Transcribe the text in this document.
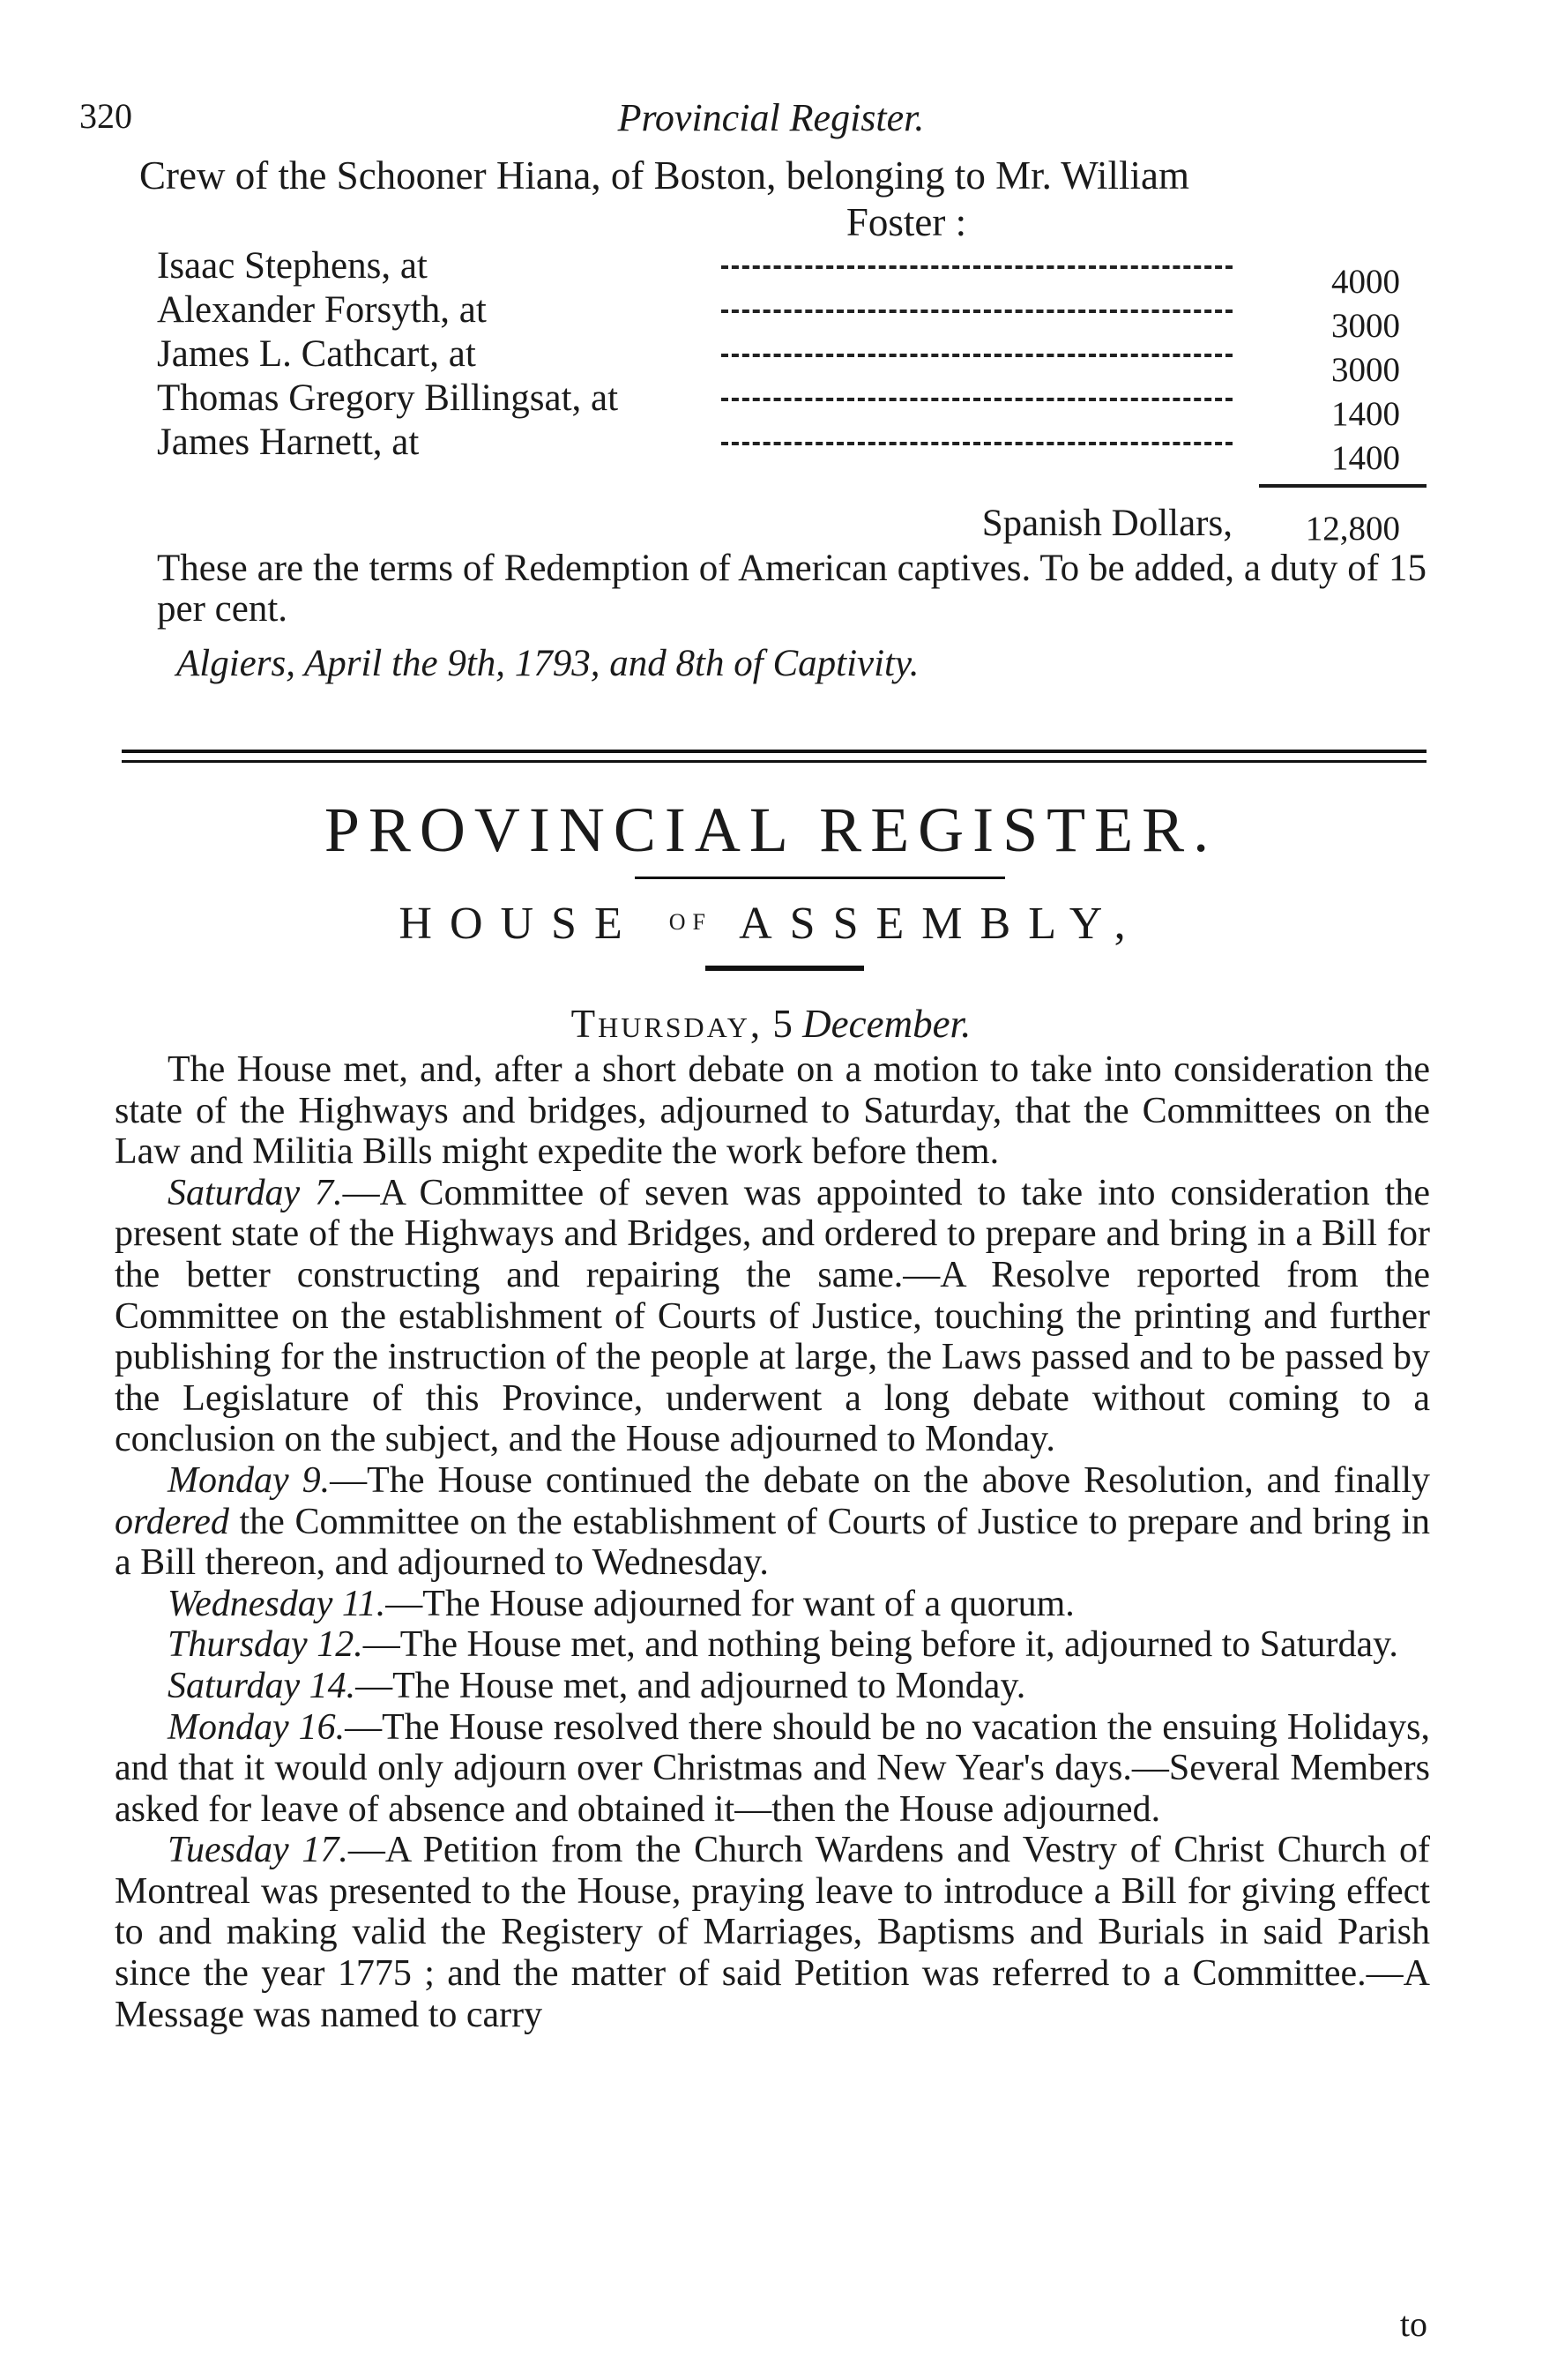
320	Provincial Register.
Crew of the Schooner Hiana, of Boston, belonging to Mr. William
Foster :
Isaac Stephens, at	4000
Alexander Forsyth, at	3000
James L. Cathcart, at	3000
Thomas Gregory Billingsat, at	1400
James Harnett, at	1400
Spanish Dollars, 12,800
These are the terms of Redemption of American captives. To be added, a duty of 15 per cent.
Algiers, April the 9th, 1793, and 8th of Captivity.
PROVINCIAL REGISTER.
HOUSE OF ASSEMBLY,
Thursday, 5 December.

The House met, and, after a short debate on a motion to take into consideration the state of the Highways and bridges, adjourned to Saturday, that the Committees on the Law and Militia Bills might expedite the work before them.

Saturday 7.—A Committee of seven was appointed to take into consideration the present state of the Highways and Bridges, and ordered to prepare and bring in a Bill for the better constructing and repairing the same.—A Resolve reported from the Committee on the establishment of Courts of Justice, touching the printing and further publishing for the instruction of the people at large, the Laws passed and to be passed by the Legislature of this Province, underwent a long debate without coming to a conclusion on the subject, and the House adjourned to Monday.

Monday 9.—The House continued the debate on the above Resolution, and finally ordered the Committee on the establishment of Courts of Justice to prepare and bring in a Bill thereon, and adjourned to Wednesday.

Wednesday 11.—The House adjourned for want of a quorum.

Thursday 12.—The House met, and nothing being before it, adjourned to Saturday.

Saturday 14.—The House met, and adjourned to Monday.

Monday 16.—The House resolved there should be no vacation the ensuing Holidays, and that it would only adjourn over Christmas and New Year's days.—Several Members asked for leave of absence and obtained it—then the House adjourned.

Tuesday 17.—A Petition from the Church Wardens and Vestry of Christ Church of Montreal was presented to the House, praying leave to introduce a Bill for giving effect to and making valid the Registery of Marriages, Baptisms and Burials in said Parish since the year 1775 ; and the matter of said Petition was referred to a Committee.—A Message was named to carry

to
